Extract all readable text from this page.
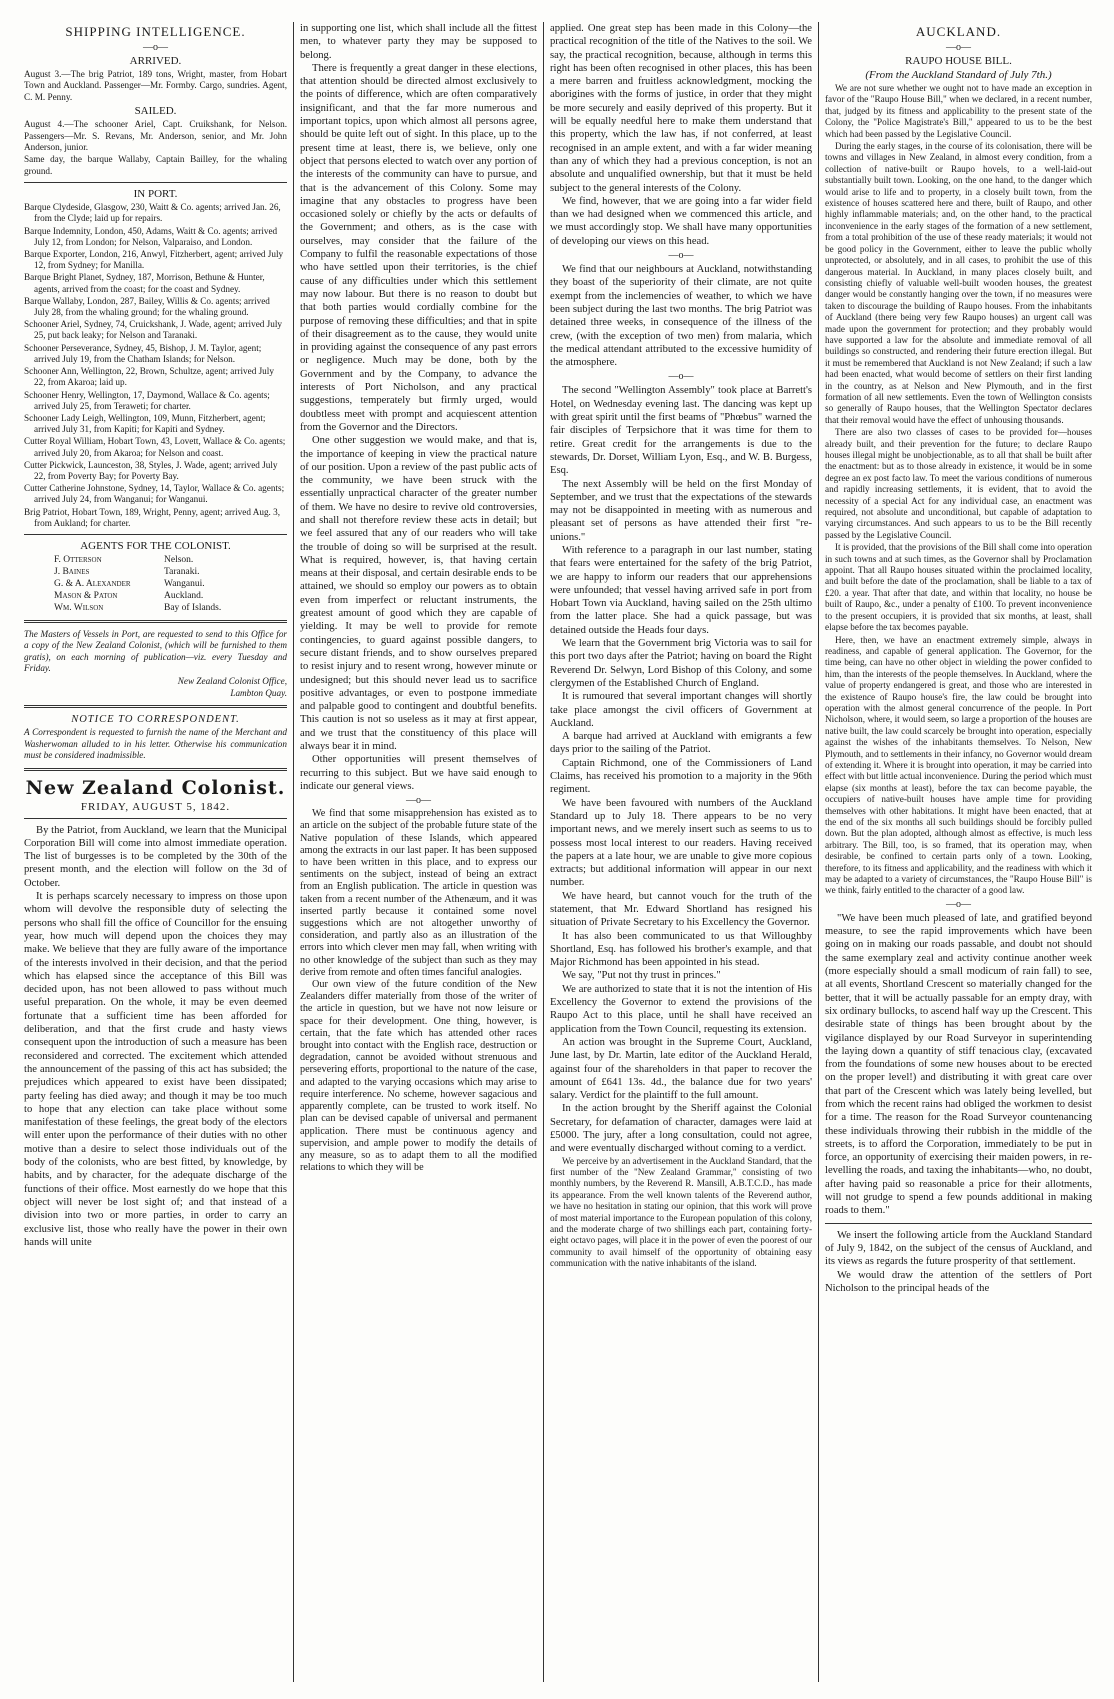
SHIPPING INTELLIGENCE.
—o—
ARRIVED.

August 3.—The brig Patriot, 189 tons, Wright, master, from Hobart Town and Auckland. Passenger—Mr. Formby. Cargo, sundries. Agent, C. M. Penny.

SAILED.

August 4.—The schooner Ariel, Capt. Cruikshank, for Nelson. Passengers—Mr. S. Revans, Mr. Anderson, senior, and Mr. John Anderson, junior.

Same day, the barque Wallaby, Captain Bailley, for the whaling ground.

IN PORT.

Barque Clydeside, Glasgow, 230, Waitt & Co. agents; arrived Jan. 26, from the Clyde; laid up for repairs.

Barque Indemnity, London, 450, Adams, Waitt & Co. agents; arrived July 12, from London; for Nelson, Valparaiso, and London.

Barque Exporter, London, 216, Anwyl, Fitzherbert, agent; arrived July 12, from Sydney; for Manilla.

Barque Bright Planet, Sydney, 187, Morrison, Bethune & Hunter, agents, arrived from the coast; for the coast and Sydney.

Barque Wallaby, London, 287, Bailey, Willis & Co. agents; arrived July 28, from the whaling ground; for the whaling ground.

Schooner Ariel, Sydney, 74, Cruickshank, J. Wade, agent; arrived July 25, put back leaky; for Nelson and Taranaki.

Schooner Perseverance, Sydney, 45, Bishop, J. M. Taylor, agent; arrived July 19, from the Chatham Islands; for Nelson.

Schooner Ann, Wellington, 22, Brown, Schultze, agent; arrived July 22, from Akaroa; laid up.

Schooner Henry, Wellington, 17, Daymond, Wallace & Co. agents; arrived July 25, from Teraweti; for charter.

Schooner Lady Leigh, Wellington, 109, Munn, Fitzherbert, agent; arrived July 31, from Kapiti; for Kapiti and Sydney.

Cutter Royal William, Hobart Town, 43, Lovett, Wallace & Co. agents; arrived July 20, from Akaroa; for Nelson and coast.

Cutter Pickwick, Launceston, 38, Styles, J. Wade, agent; arrived July 22, from Poverty Bay; for Poverty Bay.

Cutter Catherine Johnstone, Sydney, 14, Taylor, Wallace & Co. agents; arrived July 24, from Wanganui; for Wanganui.

Brig Patriot, Hobart Town, 189, Wright, Penny, agent; arrived Aug. 3, from Aukland; for charter.

AGENTS FOR THE COLONIST.
F. Otterson	Nelson.
J. Baines	Taranaki.
G. & A. Alexander	Wanganui.
Mason & Paton	Auckland.
Wm. Wilson	Bay of Islands.

The Masters of Vessels in Port, are requested to send to this Office for a copy of the New Zealand Colonist, (which will be furnished to them gratis), on each morning of publication—viz. every Tuesday and Friday.

New Zealand Colonist Office,
Lambton Quay.
NOTICE TO CORRESPONDENT.

A Correspondent is requested to furnish the name of the Merchant and Washerwoman alluded to in his letter. Otherwise his communication must be considered inadmissible.

New Zealand Colonist.
FRIDAY, AUGUST 5, 1842.

By the Patriot, from Auckland, we learn that the Municipal Corporation Bill will come into almost immediate operation. The list of burgesses is to be completed by the 30th of the present month, and the election will follow on the 3d of October.

It is perhaps scarcely necessary to impress on those upon whom will devolve the responsible duty of selecting the persons who shall fill the office of Councillor for the ensuing year, how much will depend upon the choices they may make. We believe that they are fully aware of the importance of the interests involved in their decision, and that the period which has elapsed since the acceptance of this Bill was decided upon, has not been allowed to pass without much useful preparation. On the whole, it may be even deemed fortunate that a sufficient time has been afforded for deliberation, and that the first crude and hasty views consequent upon the introduction of such a measure has been reconsidered and corrected. The excitement which attended the announcement of the passing of this act has subsided; the prejudices which appeared to exist have been dissipated; party feeling has died away; and though it may be too much to hope that any election can take place without some manifestation of these feelings, the great body of the electors will enter upon the performance of their duties with no other motive than a desire to select those individuals out of the body of the colonists, who are best fitted, by knowledge, by habits, and by character, for the adequate discharge of the functions of their office. Most earnestly do we hope that this object will never be lost sight of; and that instead of a division into two or more parties, in order to carry an exclusive list, those who really have the power in their own hands will unite

in supporting one list, which shall include all the fittest men, to whatever party they may be supposed to belong.

There is frequently a great danger in these elections, that attention should be directed almost exclusively to the points of difference, which are often comparatively insignificant, and that the far more numerous and important topics, upon which almost all persons agree, should be quite left out of sight. In this place, up to the present time at least, there is, we believe, only one object that persons elected to watch over any portion of the interests of the community can have to pursue, and that is the advancement of this Colony. Some may imagine that any obstacles to progress have been occasioned solely or chiefly by the acts or defaults of the Government; and others, as is the case with ourselves, may consider that the failure of the Company to fulfil the reasonable expectations of those who have settled upon their territories, is the chief cause of any difficulties under which this settlement may now labour. But there is no reason to doubt but that both parties would cordially combine for the purpose of removing these difficulties; and that in spite of their disagreement as to the cause, they would unite in providing against the consequence of any past errors or negligence. Much may be done, both by the Government and by the Company, to advance the interests of Port Nicholson, and any practical suggestions, temperately but firmly urged, would doubtless meet with prompt and acquiescent attention from the Governor and the Directors.

One other suggestion we would make, and that is, the importance of keeping in view the practical nature of our position. Upon a review of the past public acts of the community, we have been struck with the essentially unpractical character of the greater number of them. We have no desire to revive old controversies, and shall not therefore review these acts in detail; but we feel assured that any of our readers who will take the trouble of doing so will be surprised at the result. What is required, however, is, that having certain means at their disposal, and certain desirable ends to be attained, we should so employ our powers as to obtain even from imperfect or reluctant instruments, the greatest amount of good which they are capable of yielding. It may be well to provide for remote contingencies, to guard against possible dangers, to secure distant friends, and to show ourselves prepared to resist injury and to resent wrong, however minute or undesigned; but this should never lead us to sacrifice positive advantages, or even to postpone immediate and palpable good to contingent and doubtful benefits. This caution is not so useless as it may at first appear, and we trust that the constituency of this place will always bear it in mind.

Other opportunities will present themselves of recurring to this subject. But we have said enough to indicate our general views.

—o—

We find that some misapprehension has existed as to an article on the subject of the probable future state of the Native population of these Islands, which appeared among the extracts in our last paper. It has been supposed to have been written in this place, and to express our sentiments on the subject, instead of being an extract from an English publication. The article in question was taken from a recent number of the Athenæum, and it was inserted partly because it contained some novel suggestions which are not altogether unworthy of consideration, and partly also as an illustration of the errors into which clever men may fall, when writing with no other knowledge of the subject than such as they may derive from remote and often times fanciful analogies.

Our own view of the future condition of the New Zealanders differ materially from those of the writer of the article in question, but we have not now leisure or space for their development. One thing, however, is certain, that the fate which has attended other races brought into contact with the English race, destruction or degradation, cannot be avoided without strenuous and persevering efforts, proportional to the nature of the case, and adapted to the varying occasions which may arise to require interference. No scheme, however sagacious and apparently complete, can be trusted to work itself. No plan can be devised capable of universal and permanent application. There must be continuous agency and supervision, and ample power to modify the details of any measure, so as to adapt them to all the modified relations to which they will be

applied. One great step has been made in this Colony—the practical recognition of the title of the Natives to the soil. We say, the practical recognition, because, although in terms this right has been often recognised in other places, this has been a mere barren and fruitless acknowledgment, mocking the aborigines with the forms of justice, in order that they might be more securely and easily deprived of this property. But it will be equally needful here to make them understand that this property, which the law has, if not conferred, at least recognised in an ample extent, and with a far wider meaning than any of which they had a previous conception, is not an absolute and unqualified ownership, but that it must be held subject to the general interests of the Colony.

We find, however, that we are going into a far wider field than we had designed when we commenced this article, and we must accordingly stop. We shall have many opportunities of developing our views on this head.

—o—

We find that our neighbours at Auckland, notwithstanding they boast of the superiority of their climate, are not quite exempt from the inclemencies of weather, to which we have been subject during the last two months. The brig Patriot was detained three weeks, in consequence of the illness of the crew, (with the exception of two men) from malaria, which the medical attendant attributed to the excessive humidity of the atmosphere.

—o—

The second "Wellington Assembly" took place at Barrett's Hotel, on Wednesday evening last. The dancing was kept up with great spirit until the first beams of "Phœbus" warned the fair disciples of Terpsichore that it was time for them to retire. Great credit for the arrangements is due to the stewards, Dr. Dorset, William Lyon, Esq., and W. B. Burgess, Esq.

The next Assembly will be held on the first Monday of September, and we trust that the expectations of the stewards may not be disappointed in meeting with as numerous and pleasant set of persons as have attended their first "re-unions."

With reference to a paragraph in our last number, stating that fears were entertained for the safety of the brig Patriot, we are happy to inform our readers that our apprehensions were unfounded; that vessel having arrived safe in port from Hobart Town via Auckland, having sailed on the 25th ultimo from the latter place. She had a quick passage, but was detained outside the Heads four days.

We learn that the Government brig Victoria was to sail for this port two days after the Patriot; having on board the Right Reverend Dr. Selwyn, Lord Bishop of this Colony, and some clergymen of the Established Church of England.

It is rumoured that several important changes will shortly take place amongst the civil officers of Government at Auckland.

A barque had arrived at Auckland with emigrants a few days prior to the sailing of the Patriot.

Captain Richmond, one of the Commissioners of Land Claims, has received his promotion to a majority in the 96th regiment.

We have been favoured with numbers of the Auckland Standard up to July 18. There appears to be no very important news, and we merely insert such as seems to us to possess most local interest to our readers. Having received the papers at a late hour, we are unable to give more copious extracts; but additional information will appear in our next number.

We have heard, but cannot vouch for the truth of the statement, that Mr. Edward Shortland has resigned his situation of Private Secretary to his Excellency the Governor.

It has also been communicated to us that Willoughby Shortland, Esq. has followed his brother's example, and that Major Richmond has been appointed in his stead.

We say, "Put not thy trust in princes."

We are authorized to state that it is not the intention of His Excellency the Governor to extend the provisions of the Raupo Act to this place, until he shall have received an application from the Town Council, requesting its extension.

An action was brought in the Supreme Court, Auckland, June last, by Dr. Martin, late editor of the Auckland Herald, against four of the shareholders in that paper to recover the amount of £641 13s. 4d., the balance due for two years' salary. Verdict for the plaintiff to the full amount.

In the action brought by the Sheriff against the Colonial Secretary, for defamation of character, damages were laid at £5000. The jury, after a long consultation, could not agree, and were eventually discharged without coming to a verdict.

We perceive by an advertisement in the Auckland Standard, that the first number of the "New Zealand Grammar," consisting of two monthly numbers, by the Reverend R. Mansill, A.B.T.C.D., has made its appearance. From the well known talents of the Reverend author, we have no hesitation in stating our opinion, that this work will prove of most material importance to the European population of this colony, and the moderate charge of two shillings each part, containing forty-eight octavo pages, will place it in the power of even the poorest of our community to avail himself of the opportunity of obtaining easy communication with the native inhabitants of the island.

AUCKLAND.
—o—
RAUPO HOUSE BILL.
(From the Auckland Standard of July 7th.)

We are not sure whether we ought not to have made an exception in favor of the "Raupo House Bill," when we declared, in a recent number, that, judged by its fitness and applicability to the present state of the Colony, the "Police Magistrate's Bill," appeared to us to be the best which had been passed by the Legislative Council.

During the early stages, in the course of its colonisation, there will be towns and villages in New Zealand, in almost every condition, from a collection of native-built or Raupo hovels, to a well-laid-out substantially built town. Looking, on the one hand, to the danger which would arise to life and to property, in a closely built town, from the existence of houses scattered here and there, built of Raupo, and other highly inflammable materials; and, on the other hand, to the practical inconvenience in the early stages of the formation of a new settlement, from a total prohibition of the use of these ready materials; it would not be good policy in the Government, either to leave the public wholly unprotected, or absolutely, and in all cases, to prohibit the use of this dangerous material. In Auckland, in many places closely built, and consisting chiefly of valuable well-built wooden houses, the greatest danger would be constantly hanging over the town, if no measures were taken to discourage the building of Raupo houses. From the inhabitants of Auckland (there being very few Raupo houses) an urgent call was made upon the government for protection; and they probably would have supported a law for the absolute and immediate removal of all buildings so constructed, and rendering their future erection illegal. But it must be remembered that Auckland is not New Zealand; if such a law had been enacted, what would become of settlers on their first landing in the country, as at Nelson and New Plymouth, and in the first formation of all new settlements. Even the town of Wellington consists so generally of Raupo houses, that the Wellington Spectator declares that their removal would have the effect of unhousing thousands.

There are also two classes of cases to be provided for—houses already built, and their prevention for the future; to declare Raupo houses illegal might be unobjectionable, as to all that shall be built after the enactment: but as to those already in existence, it would be in some degree an ex post facto law. To meet the various conditions of numerous and rapidly increasing settlements, it is evident, that to avoid the necessity of a special Act for any individual case, an enactment was required, not absolute and unconditional, but capable of adaptation to varying circumstances. And such appears to us to be the Bill recently passed by the Legislative Council.

It is provided, that the provisions of the Bill shall come into operation in such towns and at such times, as the Governor shall by Proclamation appoint. That all Raupo houses situated within the proclaimed locality, and built before the date of the proclamation, shall be liable to a tax of £20. a year. That after that date, and within that locality, no house be built of Raupo, &c., under a penalty of £100. To prevent inconvenience to the present occupiers, it is provided that six months, at least, shall elapse before the tax becomes payable.

Here, then, we have an enactment extremely simple, always in readiness, and capable of general application. The Governor, for the time being, can have no other object in wielding the power confided to him, than the interests of the people themselves. In Auckland, where the value of property endangered is great, and those who are interested in the existence of Raupo house's fire, the law could be brought into operation with the almost general concurrence of the people. In Port Nicholson, where, it would seem, so large a proportion of the houses are native built, the law could scarcely be brought into operation, especially against the wishes of the inhabitants themselves. To Nelson, New Plymouth, and to settlements in their infancy, no Governor would dream of extending it. Where it is brought into operation, it may be carried into effect with but little actual inconvenience. During the period which must elapse (six months at least), before the tax can become payable, the occupiers of native-built houses have ample time for providing themselves with other habitations. It might have been enacted, that at the end of the six months all such buildings should be forcibly pulled down. But the plan adopted, although almost as effective, is much less arbitrary. The Bill, too, is so framed, that its operation may, when desirable, be confined to certain parts only of a town. Looking, therefore, to its fitness and applicability, and the readiness with which it may be adapted to a variety of circumstances, the "Raupo House Bill" is we think, fairly entitled to the character of a good law.

—o—

"We have been much pleased of late, and gratified beyond measure, to see the rapid improvements which have been going on in making our roads passable, and doubt not should the same exemplary zeal and activity continue another week (more especially should a small modicum of rain fall) to see, at all events, Shortland Crescent so materially changed for the better, that it will be actually passable for an empty dray, with six ordinary bullocks, to ascend half way up the Crescent. This desirable state of things has been brought about by the vigilance displayed by our Road Surveyor in superintending the laying down a quantity of stiff tenacious clay, (excavated from the foundations of some new houses about to be erected on the proper level!) and distributing it with great care over that part of the Crescent which was lately being levelled, but from which the recent rains had obliged the workmen to desist for a time. The reason for the Road Surveyor countenancing these individuals throwing their rubbish in the middle of the streets, is to afford the Corporation, immediately to be put in force, an opportunity of exercising their maiden powers, in re-levelling the roads, and taxing the inhabitants—who, no doubt, after having paid so reasonable a price for their allotments, will not grudge to spend a few pounds additional in making roads to them."

We insert the following article from the Auckland Standard of July 9, 1842, on the subject of the census of Auckland, and its views as regards the future prosperity of that settlement.

We would draw the attention of the settlers of Port Nicholson to the principal heads of the
